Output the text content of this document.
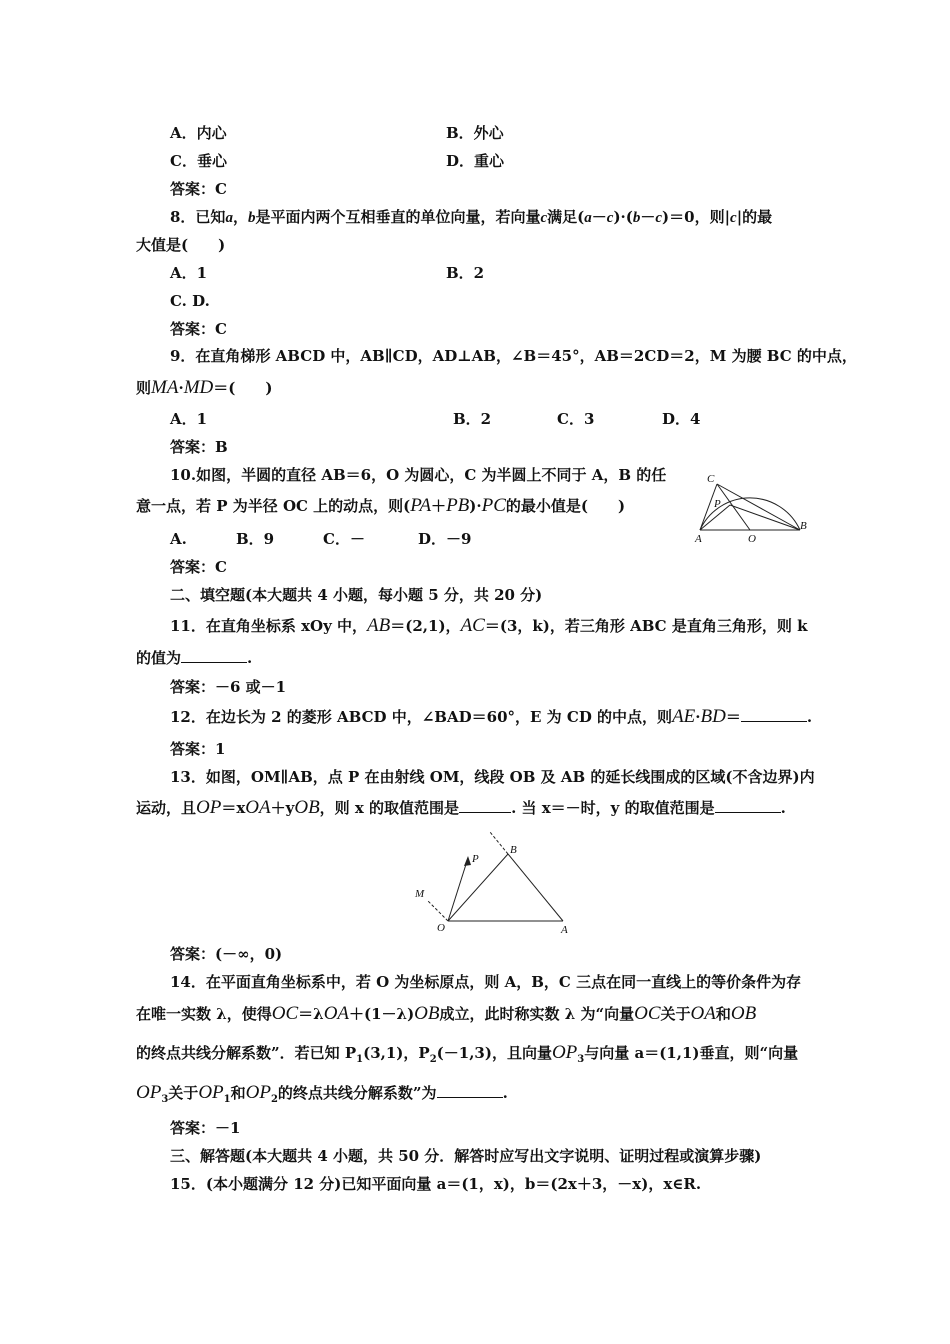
A．内心	B．外心
C．垂心	D．重心
答案：C
8．已知a，b是平面内两个互相垂直的单位向量，若向量c满足(a－c)·(b－c)＝0，则|c|的最
大值是(　　)
A．1	B．2
C. D.
答案：C
9．在直角梯形 ABCD 中，AB∥CD，AD⊥AB，∠B＝45°，AB＝2CD＝2，M 为腰 BC 的中点，
则MA·MD＝(　　)
A．1	B．2	C．3	D．4
答案：B
10.如图，半圆的直径 AB＝6，O 为圆心，C 为半圆上不同于 A，B 的任
意一点，若 P 为半径 OC 上的动点，则(PA＋PB)·PC的最小值是(　　)
A.	B．9	C．－	D．－9
答案：C
C
P
A	O
B
二、填空题(本大题共 4 小题，每小题 5 分，共 20 分)
11．在直角坐标系 xOy 中，AB＝(2,1)，AC＝(3，k)，若三角形 ABC 是直角三角形，则 k
的值为	.
答案：－6 或－1
12．在边长为 2 的菱形 ABCD 中，∠BAD＝60°，E 为 CD 的中点，则AE·BD＝	.
答案：1
13．如图，OM∥AB，点 P 在由射线 OM，线段 OB 及 AB 的延长线围成的区域(不含边界)内
运动，且OP＝xOA＋yOB，则 x 的取值范围是	. 当 x＝－时，y 的取值范围是	.
P
B
M
O	A
答案：(－∞，0)
14．在平面直角坐标系中，若 O 为坐标原点，则 A，B，C 三点在同一直线上的等价条件为存
在唯一实数 λ，使得OC＝λOA＋(1－λ)OB成立，此时称实数 λ 为“向量OC关于OA和OB
的终点共线分解系数”．若已知 $P_1(3,1)$，$P_2(-1,3)$，且向量$OP_3$与向量 a＝(1,1)垂直，则“向量
$OP_3$关于$OP_1$和$OP_2$的终点共线分解系数”为	.
答案：－1
三、解答题(本大题共 4 小题，共 50 分．解答时应写出文字说明、证明过程或演算步骤)
15．(本小题满分 12 分)已知平面向量 a＝(1，x)，b＝(2x＋3，－x)，x∈R.
